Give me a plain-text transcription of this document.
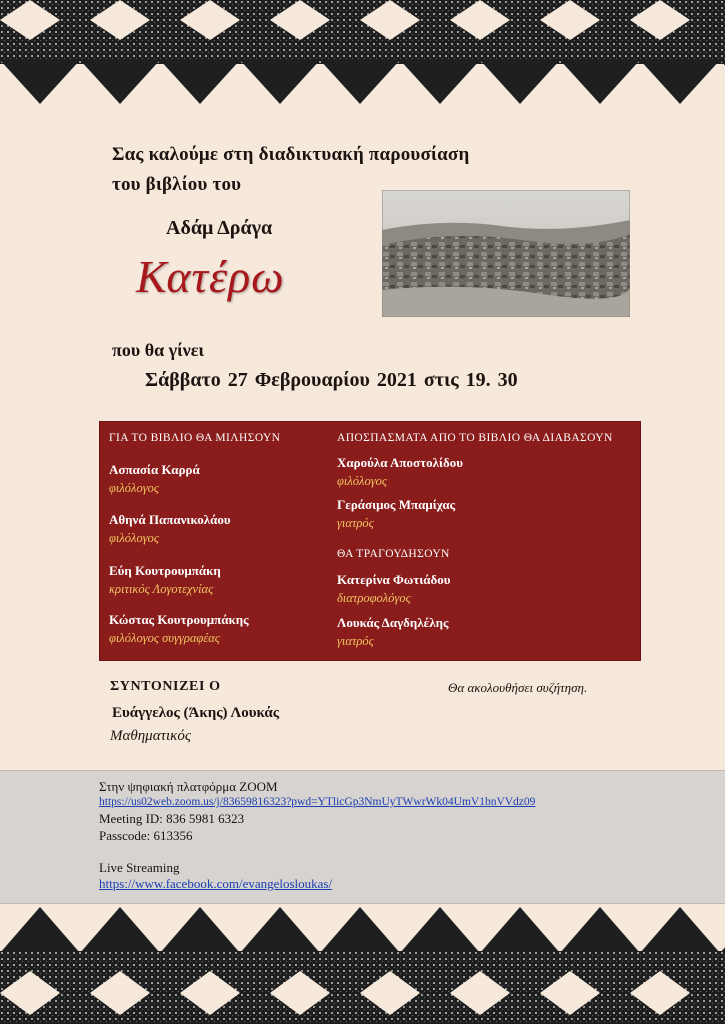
Σας καλούμε στη διαδικτυακή παρουσίαση
του βιβλίου του
Αδάμ Δράγα
Κατέρω
που θα γίνει
Σάββατο 27 Φεβρουαρίου 2021 στις 19. 30
ΓΙΑ ΤΟ ΒΙΒΛΙΟ ΘΑ ΜΙΛΗΣΟΥΝ
Ασπασία Καρρά
φιλόλογος
Αθηνά Παπανικολάου
φιλόλογος
Εύη Κουτρουμπάκη
κριτικός Λογοτεχνίας
Κώστας Κουτρουμπάκης
φιλόλογος συγγραφέας
ΑΠΟΣΠΑΣΜΑΤΑ ΑΠΟ ΤΟ ΒΙΒΛΙΟ ΘΑ ΔΙΑΒΑΣΟΥΝ
Χαρούλα Αποστολίδου
φιλόλογος
Γεράσιμος Μπαμίχας
γιατρός
ΘΑ ΤΡΑΓΟΥΔΗΣΟΥΝ
Κατερίνα Φωτιάδου
διατροφολόγος
Λουκάς Δαγδηλέλης
γιατρός
ΣΥΝΤΟΝΙΖΕΙ Ο
Ευάγγελος (Άκης) Λουκάς
Μαθηματικός
Θα ακολουθήσει συζήτηση.
Στην ψηφιακή πλατφόρμα ZOOM
https://us02web.zoom.us/j/83659816323?pwd=YTlicGp3NmUyTWwrWk04UmV1bnVVdz09
Meeting ID: 836 5981 6323
Passcode: 613356
Live Streaming
https://www.facebook.com/evangelosloukas/
